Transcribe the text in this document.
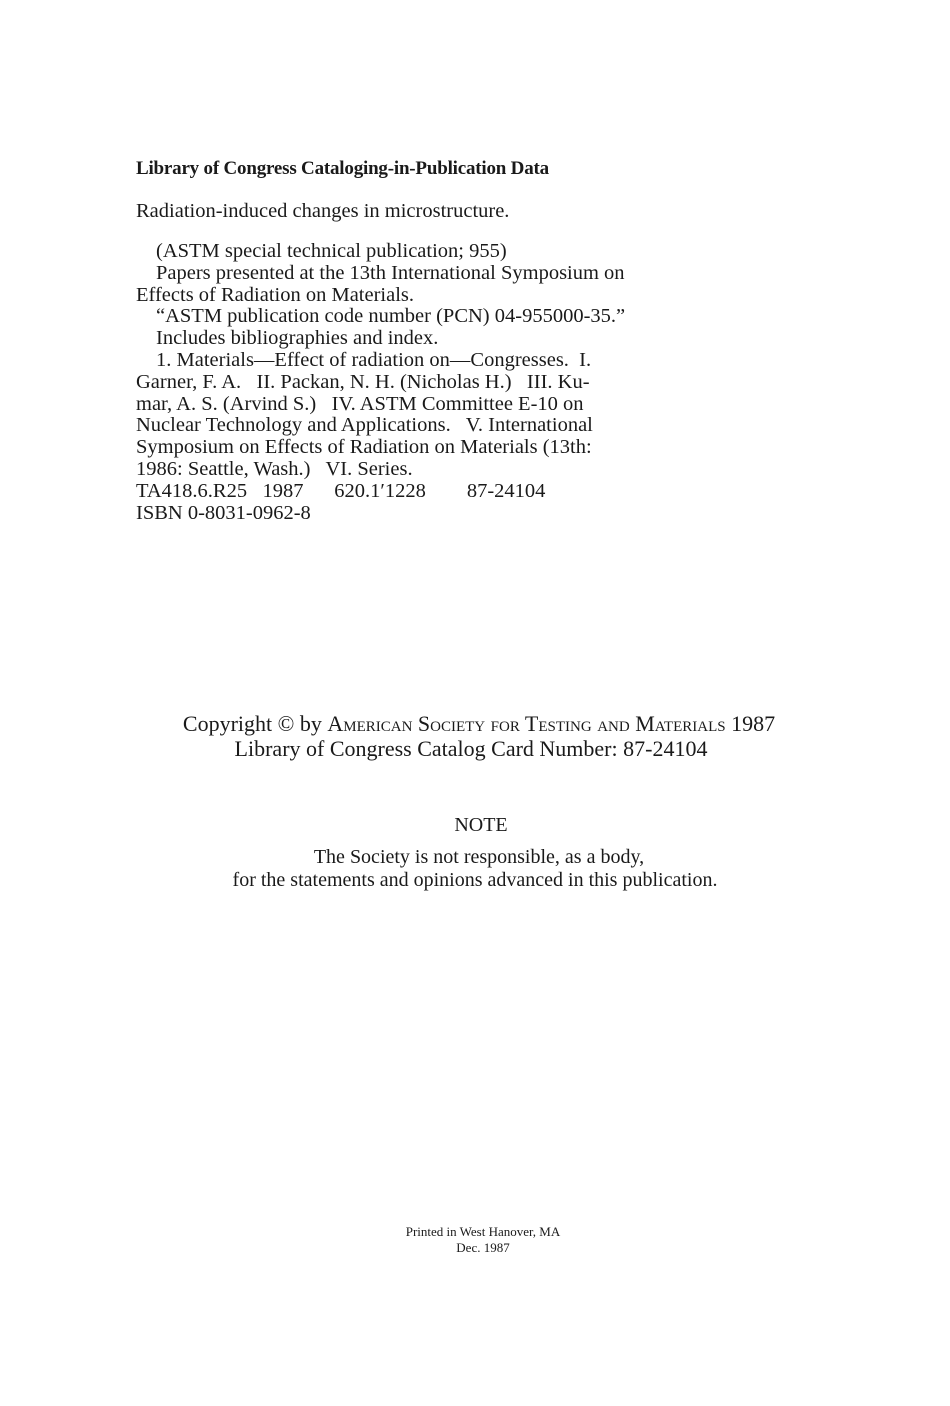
Library of Congress Cataloging-in-Publication Data
Radiation-induced changes in microstructure.
(ASTM special technical publication; 955)
Papers presented at the 13th International Symposium on
Effects of Radiation on Materials.
“ASTM publication code number (PCN) 04-955000-35.”
Includes bibliographies and index.
1. Materials—Effect of radiation on—Congresses.  I.
Garner, F. A.   II. Packan, N. H. (Nicholas H.)   III. Ku-
mar, A. S. (Arvind S.)   IV. ASTM Committee E-10 on
Nuclear Technology and Applications.   V. International
Symposium on Effects of Radiation on Materials (13th:
1986: Seattle, Wash.)   VI. Series.
TA418.6.R25   1987      620.1′1228        87-24104
ISBN 0-8031-0962-8
Copyright © by American Society for Testing and Materials 1987
Library of Congress Catalog Card Number: 87-24104
NOTE
The Society is not responsible, as a body,
for the statements and opinions advanced in this publication.
Printed in West Hanover, MA
Dec. 1987
